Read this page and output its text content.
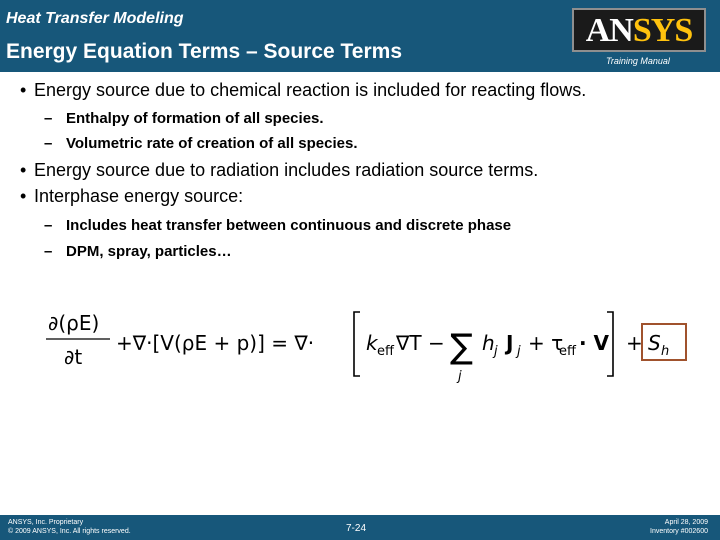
Heat Transfer Modeling
Energy Equation Terms – Source Terms
ANSYS
Training Manual
• Energy source due to chemical reaction is included for reacting flows.
– Enthalpy of formation of all species.
– Volumetric rate of creation of all species.
• Energy source due to radiation includes radiation source terms.
• Interphase energy source:
– Includes heat transfer between continuous and discrete phase
– DPM, spray, particles…
∂(ρE)
∂t
+∇·[V(ρE + p)] = ∇·	k eff ∇T − ∑
j
h j J j + τ
eff · V + S h
ANSYS, Inc. Proprietary
© 2009 ANSYS, Inc. All rights reserved.	7-24
April 28, 2009
Inventory #002600
